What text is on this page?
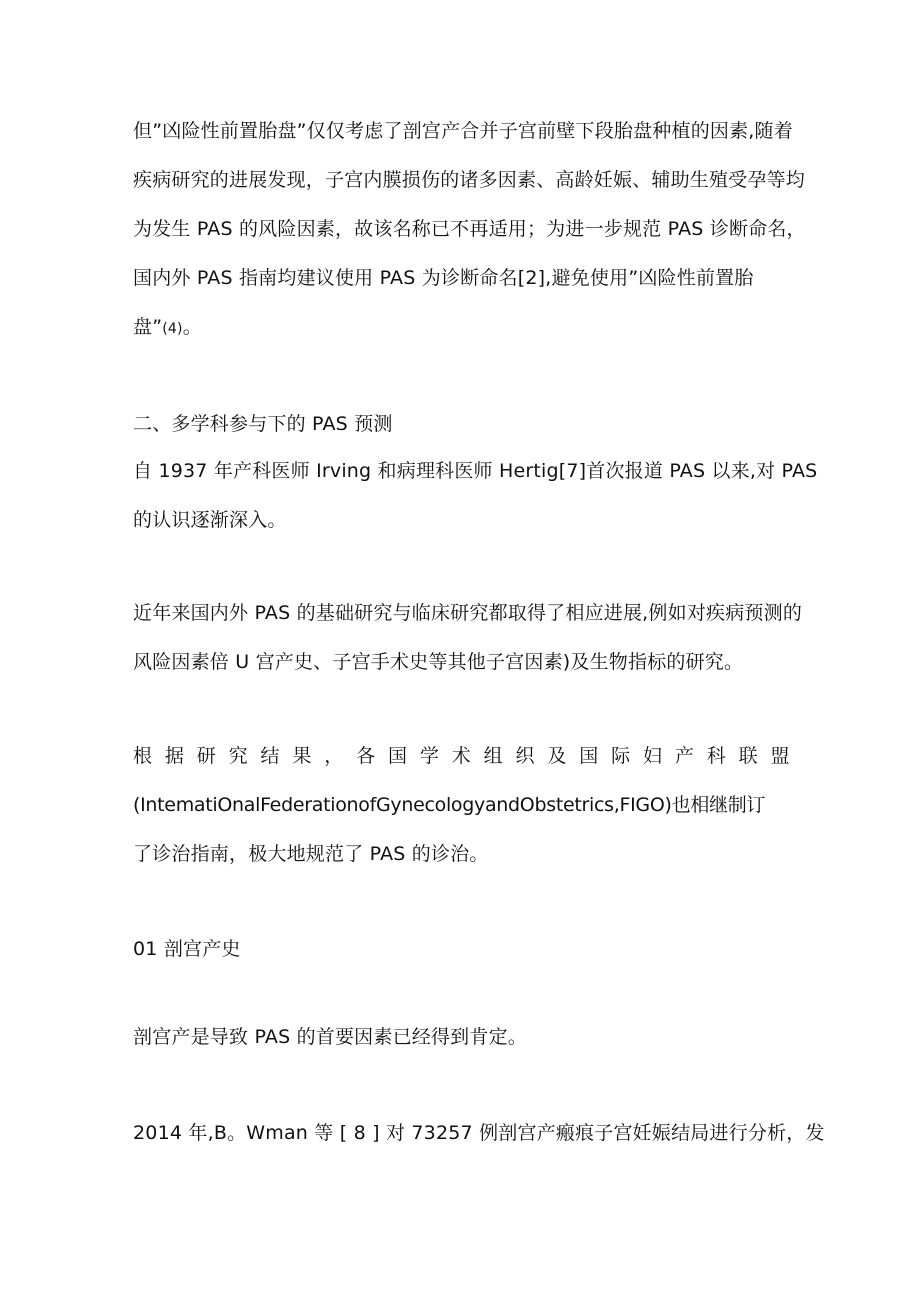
但”凶险性前置胎盘”仅仅考虑了剖宫产合并子宫前壁下段胎盘种植的因素,随着
疾病研究的进展发现，子宫内膜损伤的诸多因素、高龄妊娠、辅助生殖受孕等均
为发生 PAS 的风险因素，故该名称已不再适用；为进一步规范 PAS 诊断命名，
国内外 PAS 指南均建议使用 PAS 为诊断命名[2],避免使用”凶险性前置胎
盘”(4)。
二、多学科参与下的 PAS 预测
自 1937 年产科医师 Irving 和病理科医师 Hertig[7]首次报道 PAS 以来,对 PAS
的认识逐渐深入。
近年来国内外 PAS 的基础研究与临床研究都取得了相应进展,例如对疾病预测的
风险因素倍 U 宫产史、子宫手术史等其他子宫因素)及生物指标的研究。
根 据 研 究 结 果 ， 各 国 学 术 组 织 及 国 际 妇 产 科 联 盟
(IntematiOnalFederationofGynecologyandObstetrics,FIGO)也相继制订
了诊治指南，极大地规范了 PAS 的诊治。
01 剖宫产史
剖宫产是导致 PAS 的首要因素已经得到肯定。
2014 年,B。Wman 等 [ 8 ] 对 73257 例剖宫产瘢痕子宫妊娠结局进行分析，发
